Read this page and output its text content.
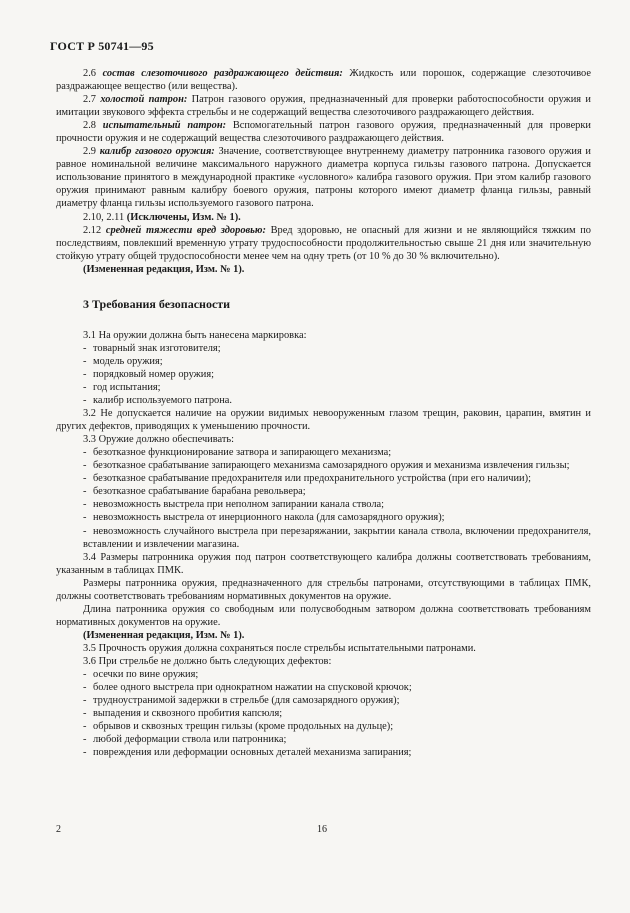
ГОСТ Р 50741—95

2.6 состав слезоточивого раздражающего действия: Жидкость или порошок, содержащие слезоточивое раздражающее вещество (или вещества).

2.7 холостой патрон: Патрон газового оружия, предназначенный для проверки работоспособности оружия и имитации звукового эффекта стрельбы и не содержащий вещества слезоточивого раздражающего действия.

2.8 испытательный патрон: Вспомогательный патрон газового оружия, предназначенный для проверки прочности оружия и не содержащий вещества слезоточивого раздражающего действия.

2.9 калибр газового оружия: Значение, соответствующее внутреннему диаметру патронника газового оружия и равное номинальной величине максимального наружного диаметра корпуса гильзы газового патрона. Допускается использование принятого в международной практике «условного» калибра газового оружия. При этом калибр газового оружия принимают равным калибру боевого оружия, патроны которого имеют диаметр фланца гильзы, равный диаметру фланца гильзы используемого газового патрона.

2.10, 2.11 (Исключены, Изм. № 1).

2.12 средней тяжести вред здоровью: Вред здоровью, не опасный для жизни и не являющийся тяжким по последствиям, повлекший временную утрату трудоспособности продолжительностью свыше 21 дня или значительную стойкую утрату общей трудоспособности менее чем на одну треть (от 10 % до 30 % включительно).

(Измененная редакция, Изм. № 1).

3 Требования безопасности

3.1 На оружии должна быть нанесена маркировка:

- товарный знак изготовителя;

- модель оружия;

- порядковый номер оружия;

- год испытания;

- калибр используемого патрона.

3.2 Не допускается наличие на оружии видимых невооруженным глазом трещин, раковин, царапин, вмятин и других дефектов, приводящих к уменьшению прочности.

3.3 Оружие должно обеспечивать:

- безотказное функционирование затвора и запирающего механизма;

- безотказное срабатывание запирающего механизма самозарядного оружия и механизма извлечения гильзы;

- безотказное срабатывание предохранителя или предохранительного устройства (при его наличии);

- безотказное срабатывание барабана револьвера;

- невозможность выстрела при неполном запирании канала ствола;

- невозможность выстрела от инерционного накола (для самозарядного оружия);

- невозможность случайного выстрела при перезаряжании, закрытии канала ствола, включении предохранителя, вставлении и извлечении магазина.

3.4 Размеры патронника оружия под патрон соответствующего калибра должны соответствовать требованиям, указанным в таблицах ПМК.

Размеры патронника оружия, предназначенного для стрельбы патронами, отсутствующими в таблицах ПМК, должны соответствовать требованиям нормативных документов на оружие.

Длина патронника оружия со свободным или полусвободным затвором должна соответствовать требованиям нормативных документов на оружие.

(Измененная редакция, Изм. № 1).

3.5 Прочность оружия должна сохраняться после стрельбы испытательными патронами.

3.6 При стрельбе не должно быть следующих дефектов:

- осечки по вине оружия;

- более одного выстрела при однократном нажатии на спусковой крючок;

- трудноустранимой задержки в стрельбе (для самозарядного оружия);

- выпадения и сквозного пробития капсюля;

- обрывов и сквозных трещин гильзы (кроме продольных на дульце);

- любой деформации ствола или патронника;

- повреждения или деформации основных деталей механизма запирания;

2	16
